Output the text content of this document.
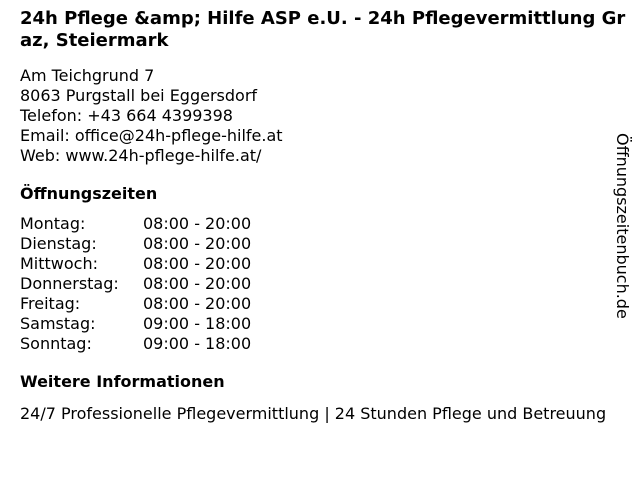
24h Pflege &amp; Hilfe ASP e.U. - 24h Pflegevermittlung Graz, Steiermark
Am Teichgrund 7
8063 Purgstall bei Eggersdorf
Telefon: +43 664 4399398
Email: office@24h-pflege-hilfe.at
Web: www.24h-pflege-hilfe.at/
Öffnungszeiten
Montag:	08:00 - 20:00
Dienstag:	08:00 - 20:00
Mittwoch:	08:00 - 20:00
Donnerstag:	08:00 - 20:00
Freitag:	08:00 - 20:00
Samstag:	09:00 - 18:00
Sonntag:	09:00 - 18:00
Weitere Informationen
24/7 Professionelle Pflegevermittlung | 24 Stunden Pflege und Betreuung
Öffnungszeitenbuch.de
